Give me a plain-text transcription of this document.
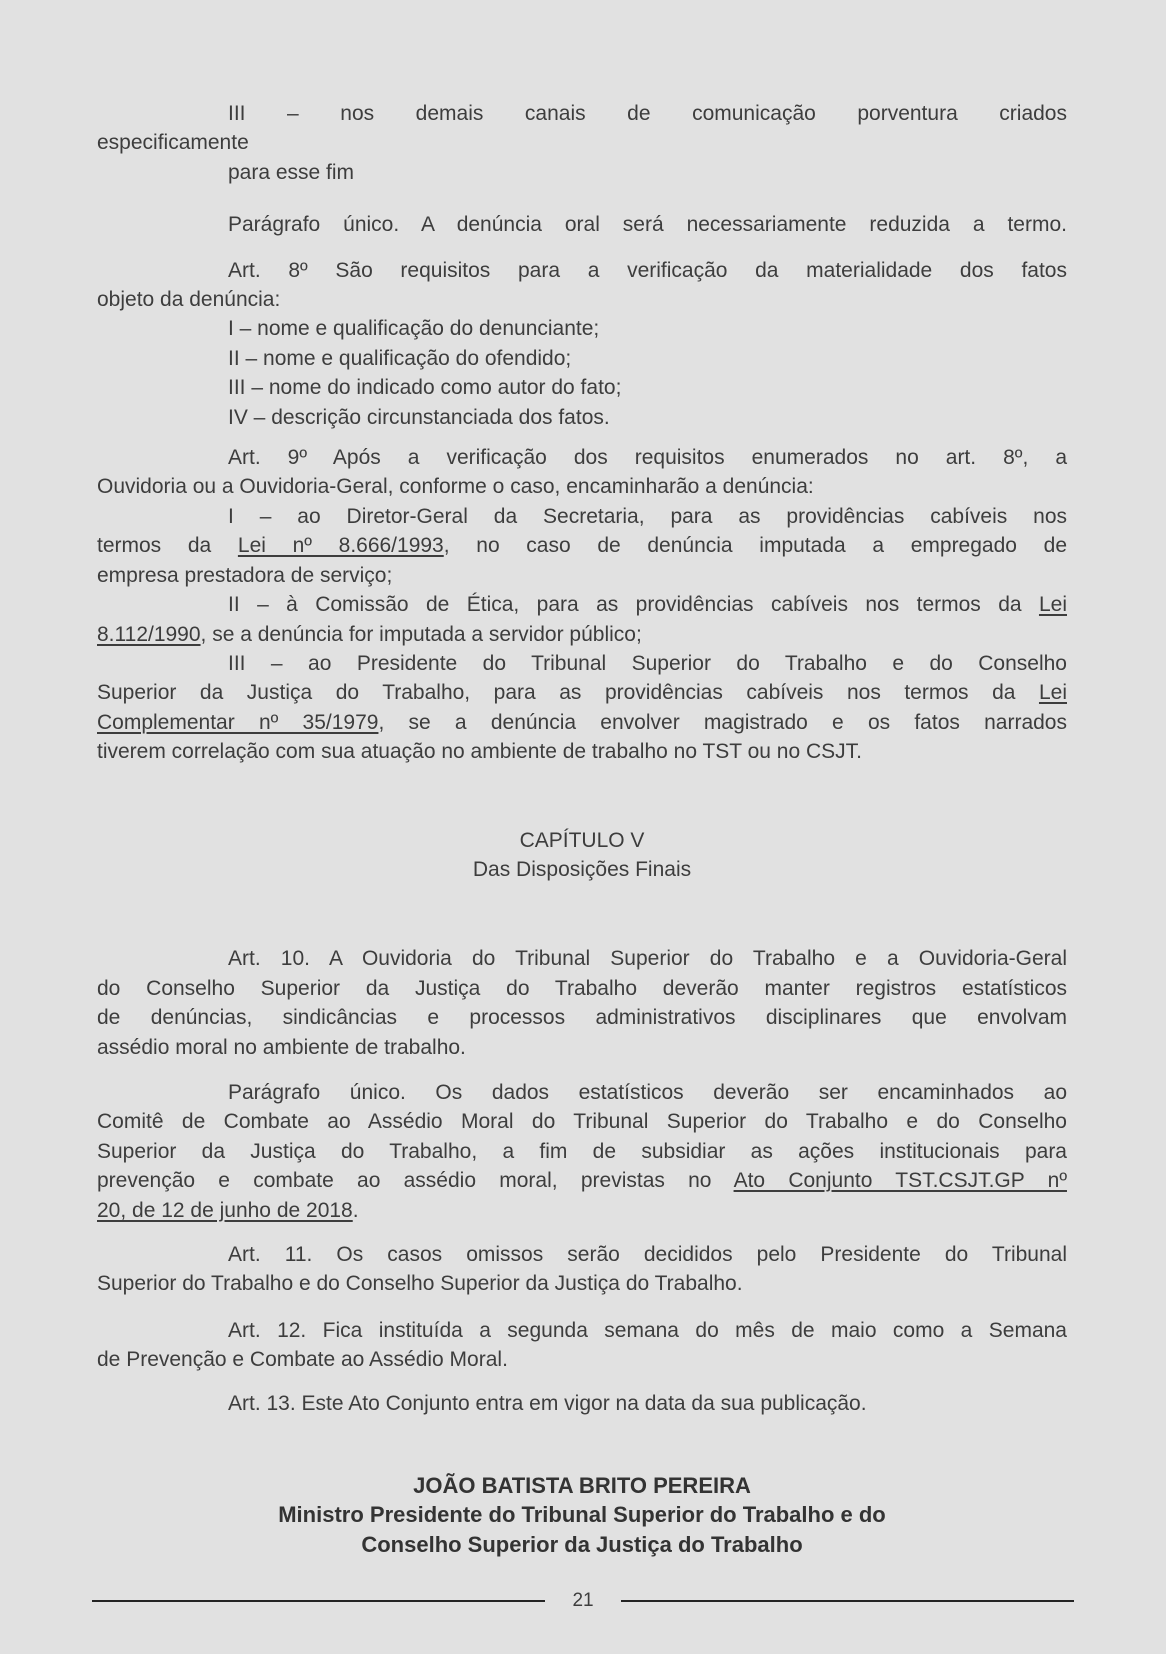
III – nos demais canais de comunicação porventura criados
especificamente
para esse fim
Parágrafo único. A denúncia oral será necessariamente reduzida a termo.
Art. 8º São requisitos para a verificação da materialidade dos fatos
objeto da denúncia:
I – nome e qualificação do denunciante;
II – nome e qualificação do ofendido;
III – nome do indicado como autor do fato;
IV – descrição circunstanciada dos fatos.
Art. 9º Após a verificação dos requisitos enumerados no art. 8º, a
Ouvidoria ou a Ouvidoria-Geral, conforme o caso, encaminharão a denúncia:
I – ao Diretor-Geral da Secretaria, para as providências cabíveis nos
termos da Lei nº 8.666/1993, no caso de denúncia imputada a empregado de
empresa prestadora de serviço;
II – à Comissão de Ética, para as providências cabíveis nos termos da Lei
8.112/1990, se a denúncia for imputada a servidor público;
III – ao Presidente do Tribunal Superior do Trabalho e do Conselho
Superior da Justiça do Trabalho, para as providências cabíveis nos termos da Lei
Complementar nº 35/1979, se a denúncia envolver magistrado e os fatos narrados
tiverem correlação com sua atuação no ambiente de trabalho no TST ou no CSJT.
CAPÍTULO V
Das Disposições Finais
Art. 10. A Ouvidoria do Tribunal Superior do Trabalho e a Ouvidoria-Geral
do Conselho Superior da Justiça do Trabalho deverão manter registros estatísticos
de denúncias, sindicâncias e processos administrativos disciplinares que envolvam
assédio moral no ambiente de trabalho.
Parágrafo único. Os dados estatísticos deverão ser encaminhados ao
Comitê de Combate ao Assédio Moral do Tribunal Superior do Trabalho e do Conselho
Superior da Justiça do Trabalho, a fim de subsidiar as ações institucionais para
prevenção e combate ao assédio moral, previstas no Ato Conjunto TST.CSJT.GP nº
20, de 12 de junho de 2018.
Art. 11. Os casos omissos serão decididos pelo Presidente do Tribunal
Superior do Trabalho e do Conselho Superior da Justiça do Trabalho.
Art. 12. Fica instituída a segunda semana do mês de maio como a Semana
de Prevenção e Combate ao Assédio Moral.
Art. 13. Este Ato Conjunto entra em vigor na data da sua publicação.
JOÃO BATISTA BRITO PEREIRA
Ministro Presidente do Tribunal Superior do Trabalho e do
Conselho Superior da Justiça do Trabalho
21
